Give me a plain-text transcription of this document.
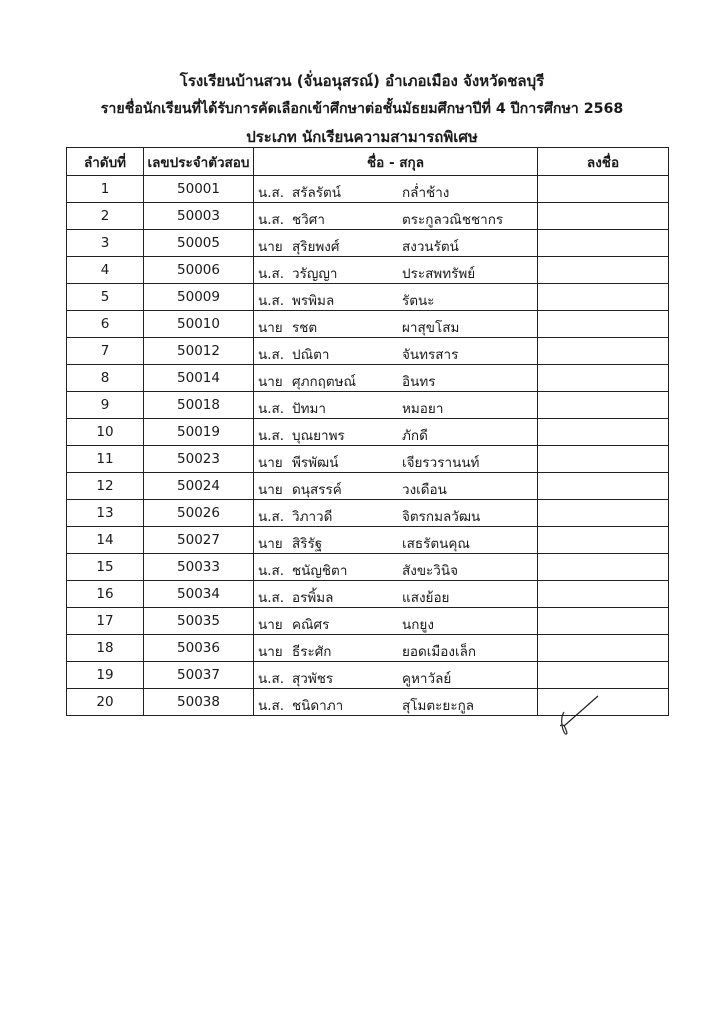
โรงเรียนบ้านสวน (จั่นอนุสรณ์) อำเภอเมือง จังหวัดชลบุรี
รายชื่อนักเรียนที่ได้รับการคัดเลือกเข้าศึกษาต่อชั้นมัธยมศึกษาปีที่ 4 ปีการศึกษา 2568
ประเภท นักเรียนความสามารถพิเศษ
ลำดับที่	เลขประจำตัวสอบ	ชื่อ - สกุล	ลงชื่อ
1	50001	น.ส. สรัลรัตน์ กล่ำช้าง	

2	50003	น.ส. ชวิศา ตระกูลวณิชชากร	

3	50005	นาย สุริยพงศ์ สงวนรัตน์	

4	50006	น.ส. วรัญญา ประสพทรัพย์	

5	50009	น.ส. พรพิมล รัตนะ	

6	50010	นาย รชต ผาสุขโสม	

7	50012	น.ส. ปณิตา จันทรสาร	

8	50014	นาย ศุภกฤตษณ์ อินทร	

9	50018	น.ส. ปัทมา หมอยา	

10	50019	น.ส. บุณยาพร ภักดี	

11	50023	นาย พีรพัฒน์ เจียรวรานนท์	

12	50024	นาย ดนุสรรค์ วงเดือน	

13	50026	น.ส. วิภาวดี จิตรกมลวัฒน	

14	50027	นาย สิริรัฐ เสธรัตนคุณ	

15	50033	น.ส. ชนัญชิตา สังขะวินิจ	

16	50034	น.ส. อรพิ้มล แสงย้อย	

17	50035	นาย คณิศร นกยูง	

18	50036	นาย ธีระศัก ยอดเมืองเล็ก	

19	50037	น.ส. สุวพัชร คูหาวัลย์	

20	50038	น.ส. ชนิดาภา สุโมตะยะกูล	
